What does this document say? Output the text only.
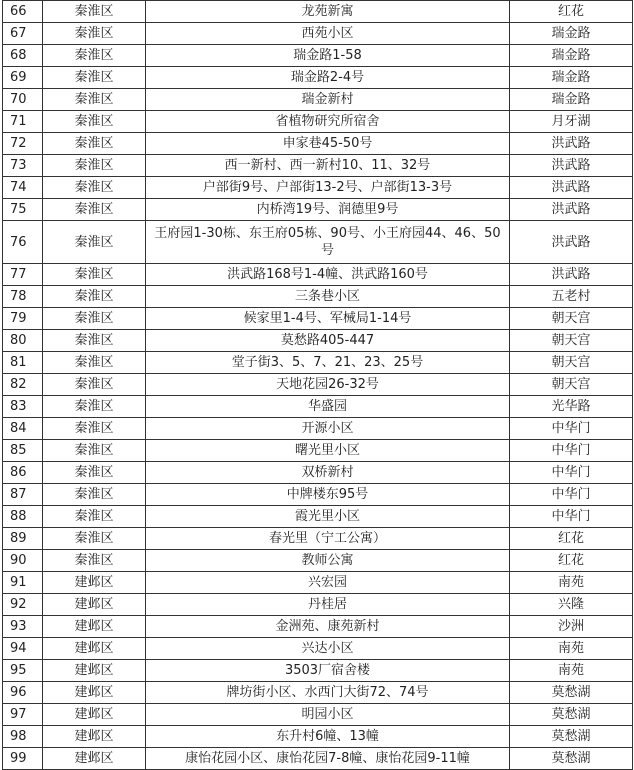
66	秦淮区	龙苑新寓	红花
67	秦淮区	西苑小区	瑞金路
68	秦淮区	瑞金路1-58	瑞金路
69	秦淮区	瑞金路2-4号	瑞金路
70	秦淮区	瑞金新村	瑞金路
71	秦淮区	省植物研究所宿舍	月牙湖
72	秦淮区	申家巷45-50号	洪武路
73	秦淮区	西一新村、西一新村10、11、32号	洪武路
74	秦淮区	户部街9号、户部街13-2号、户部街13-3号	洪武路
75	秦淮区	内桥湾19号、润德里9号	洪武路
76	秦淮区	王府园1-30栋、东王府05栋、90号、小王府园44、46、50号	洪武路
77	秦淮区	洪武路168号1-4幢、洪武路160号	洪武路
78	秦淮区	三条巷小区	五老村
79	秦淮区	候家里1-4号、军械局1-14号	朝天宫
80	秦淮区	莫愁路405-447	朝天宫
81	秦淮区	堂子街3、5、7、21、23、25号	朝天宫
82	秦淮区	天地花园26-32号	朝天宫
83	秦淮区	华盛园	光华路
84	秦淮区	开源小区	中华门
85	秦淮区	曙光里小区	中华门
86	秦淮区	双桥新村	中华门
87	秦淮区	中牌楼东95号	中华门
88	秦淮区	霞光里小区	中华门
89	秦淮区	春光里（宁工公寓）	红花
90	秦淮区	教师公寓	红花
91	建邺区	兴宏园	南苑
92	建邺区	丹桂居	兴隆
93	建邺区	金洲苑、康苑新村	沙洲
94	建邺区	兴达小区	南苑
95	建邺区	3503厂宿舍楼	南苑
96	建邺区	牌坊街小区、水西门大街72、74号	莫愁湖
97	建邺区	明园小区	莫愁湖
98	建邺区	东升村6幢、13幢	莫愁湖
99	建邺区	康怡花园小区、康怡花园7-8幢、康怡花园9-11幢	莫愁湖
